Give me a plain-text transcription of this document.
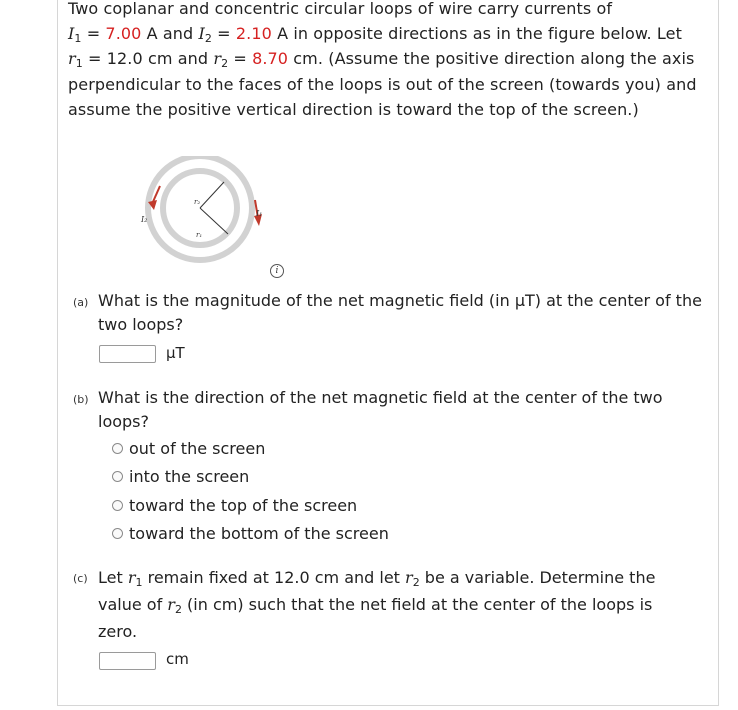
Two coplanar and concentric circular loops of wire carry currents of
$I_1 = 7.00$ A and $I_2 = 2.10$ A in opposite directions as in the figure below. Let
$r_1 = 12.0$ cm and $r_2 = 8.70$ cm. (Assume the positive direction along the axis perpendicular to the faces of the loops is out of the screen (towards you) and assume the positive vertical direction is toward the top of the screen.)
I₂
I₁
r₂
r₁
i
(a) What is the magnitude of the net magnetic field (in µT) at the center of the two loops?
µT
(b) What is the direction of the net magnetic field at the center of the two loops?
out of the screen
into the screen
toward the top of the screen
toward the bottom of the screen
(c) Let $r_1$ remain fixed at 12.0 cm and let $r_2$ be a variable. Determine the
value of $r_2$ (in cm) such that the net field at the center of the loops is
zero.
cm
